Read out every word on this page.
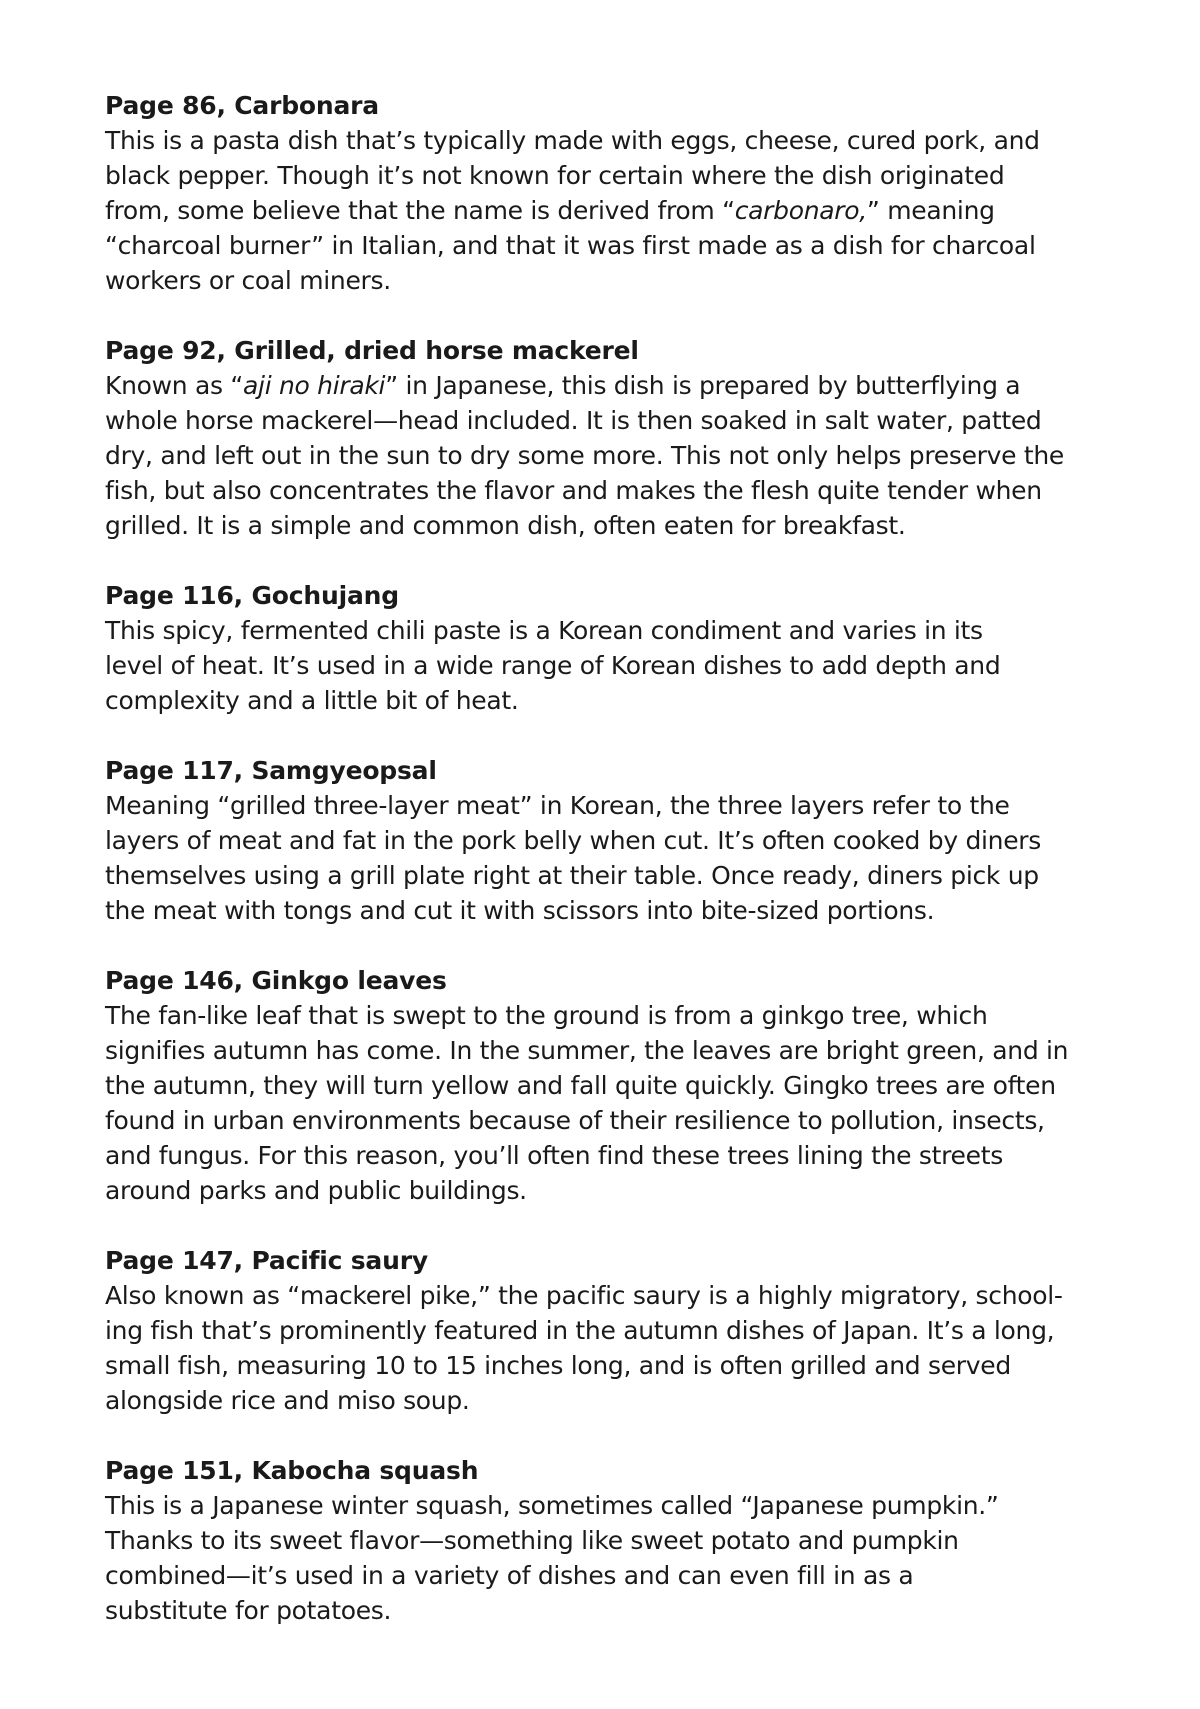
Page 86, Carbonara
This is a pasta dish that’s typically made with eggs, cheese, cured pork, and
black pepper. Though it’s not known for certain where the dish originated
from, some believe that the name is derived from “carbonaro,” meaning
“charcoal burner” in Italian, and that it was first made as a dish for charcoal
workers or coal miners.
Page 92, Grilled, dried horse mackerel
Known as “aji no hiraki” in Japanese, this dish is prepared by butterflying a
whole horse mackerel—head included. It is then soaked in salt water, patted
dry, and left out in the sun to dry some more. This not only helps preserve the
fish, but also concentrates the flavor and makes the flesh quite tender when
grilled. It is a simple and common dish, often eaten for breakfast.
Page 116, Gochujang
This spicy, fermented chili paste is a Korean condiment and varies in its
level of heat. It’s used in a wide range of Korean dishes to add depth and
complexity and a little bit of heat.
Page 117, Samgyeopsal
Meaning “grilled three-layer meat” in Korean, the three layers refer to the
layers of meat and fat in the pork belly when cut. It’s often cooked by diners
themselves using a grill plate right at their table. Once ready, diners pick up
the meat with tongs and cut it with scissors into bite-sized portions.
Page 146, Ginkgo leaves
The fan-like leaf that is swept to the ground is from a ginkgo tree, which
signifies autumn has come. In the summer, the leaves are bright green, and in
the autumn, they will turn yellow and fall quite quickly. Gingko trees are often
found in urban environments because of their resilience to pollution, insects,
and fungus. For this reason, you’ll often find these trees lining the streets
around parks and public buildings.
Page 147, Pacific saury
Also known as “mackerel pike,” the pacific saury is a highly migratory, school-
ing fish that’s prominently featured in the autumn dishes of Japan. It’s a long,
small fish, measuring 10 to 15 inches long, and is often grilled and served
alongside rice and miso soup.
Page 151, Kabocha squash
This is a Japanese winter squash, sometimes called “Japanese pumpkin.”
Thanks to its sweet flavor—something like sweet potato and pumpkin
combined—it’s used in a variety of dishes and can even fill in as a
substitute for potatoes.
